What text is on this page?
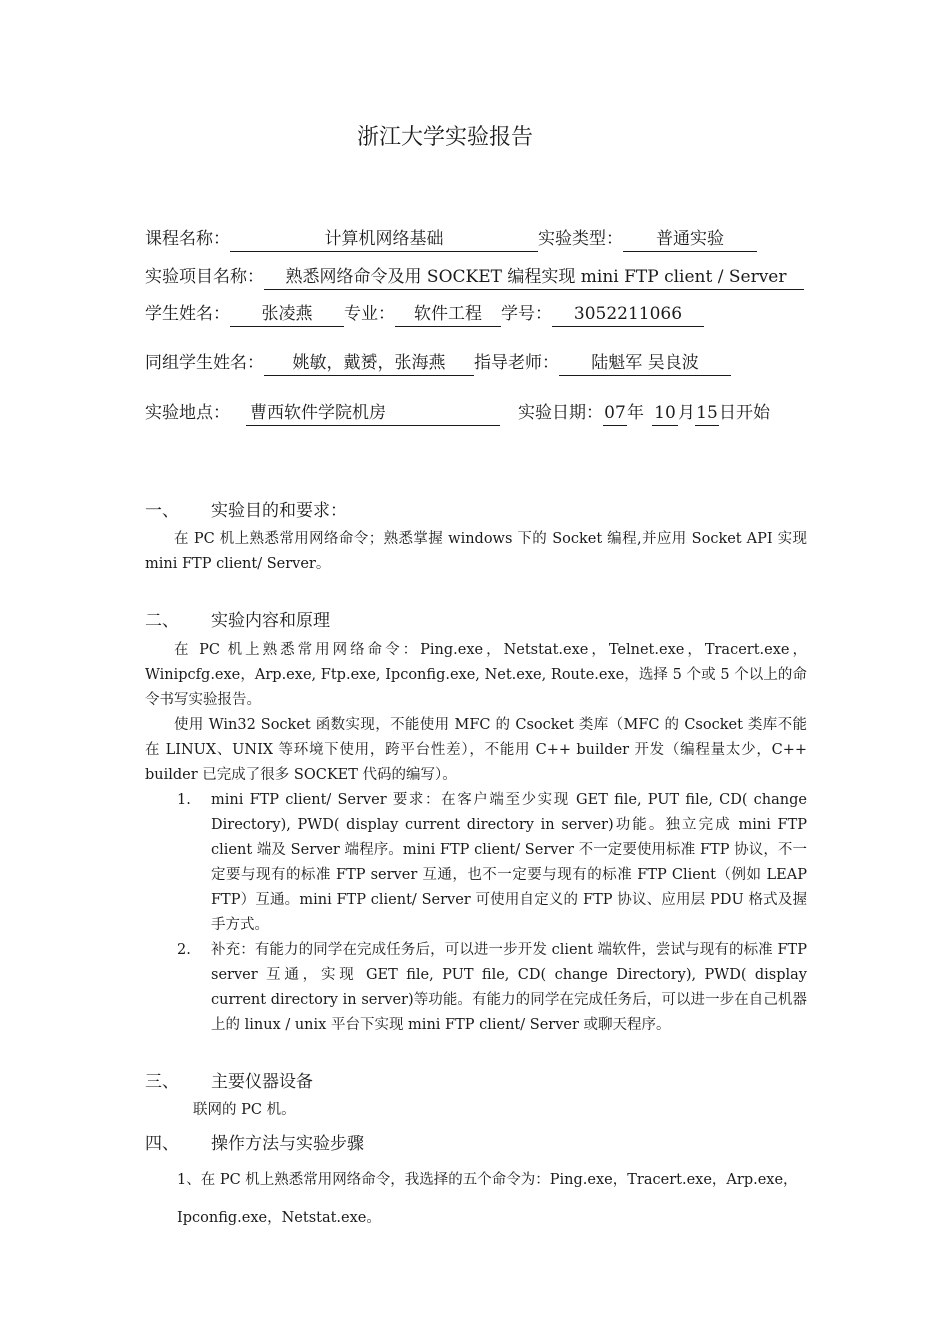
浙江大学实验报告
课程名称：	计算机网络基础	实验类型： 普通实验
实验项目名称： 熟悉网络命令及用 SOCKET 编程实现 mini FTP client / Server
学生姓名： 张凌燕 专业： 软件工程 学号： 3052211066
同组学生姓名： 姚敏，戴赟，张海燕 指导老师： 陆魁军 吴良波
实验地点： 曹西软件学院机房	实验日期：07年 10 月15日开始
一、 实验目的和要求：
在 PC 机上熟悉常用网络命令；熟悉掌握 windows 下的 Socket 编程,并应用 Socket API 实现 mini FTP client/ Server。
二、 实验内容和原理
在 PC 机上熟悉常用网络命令：Ping.exe，Netstat.exe，Telnet.exe，Tracert.exe，Winipcfg.exe，Arp.exe, Ftp.exe, Ipconfig.exe, Net.exe, Route.exe，选择 5 个或 5 个以上的命令书写实验报告。
使用 Win32 Socket 函数实现，不能使用 MFC 的 Csocket 类库（MFC 的 Csocket 类库不能在 LINUX、UNIX 等环境下使用，跨平台性差），不能用 C++ builder 开发（编程量太少，C++ builder 已完成了很多 SOCKET 代码的编写）。
1. mini FTP client/ Server 要求：在客户端至少实现 GET file, PUT file, CD( change Directory), PWD( display current directory in server)功能。独立完成 mini FTP client 端及 Server 端程序。mini FTP client/ Server 不一定要使用标准 FTP 协议，不一定要与现有的标准 FTP server 互通，也不一定要与现有的标准 FTP Client（例如 LEAP FTP）互通。mini FTP client/ Server 可使用自定义的 FTP 协议、应用层 PDU 格式及握手方式。
2. 补充：有能力的同学在完成任务后，可以进一步开发 client 端软件，尝试与现有的标准 FTP server 互通，实现 GET file, PUT file, CD( change Directory), PWD( display current directory in server)等功能。有能力的同学在完成任务后，可以进一步在自己机器上的 linux / unix 平台下实现 mini FTP client/ Server 或聊天程序。
三、 主要仪器设备
联网的 PC 机。
四、 操作方法与实验步骤
1、在 PC 机上熟悉常用网络命令，我选择的五个命令为：Ping.exe，Tracert.exe，Arp.exe，
Ipconfig.exe，Netstat.exe。
